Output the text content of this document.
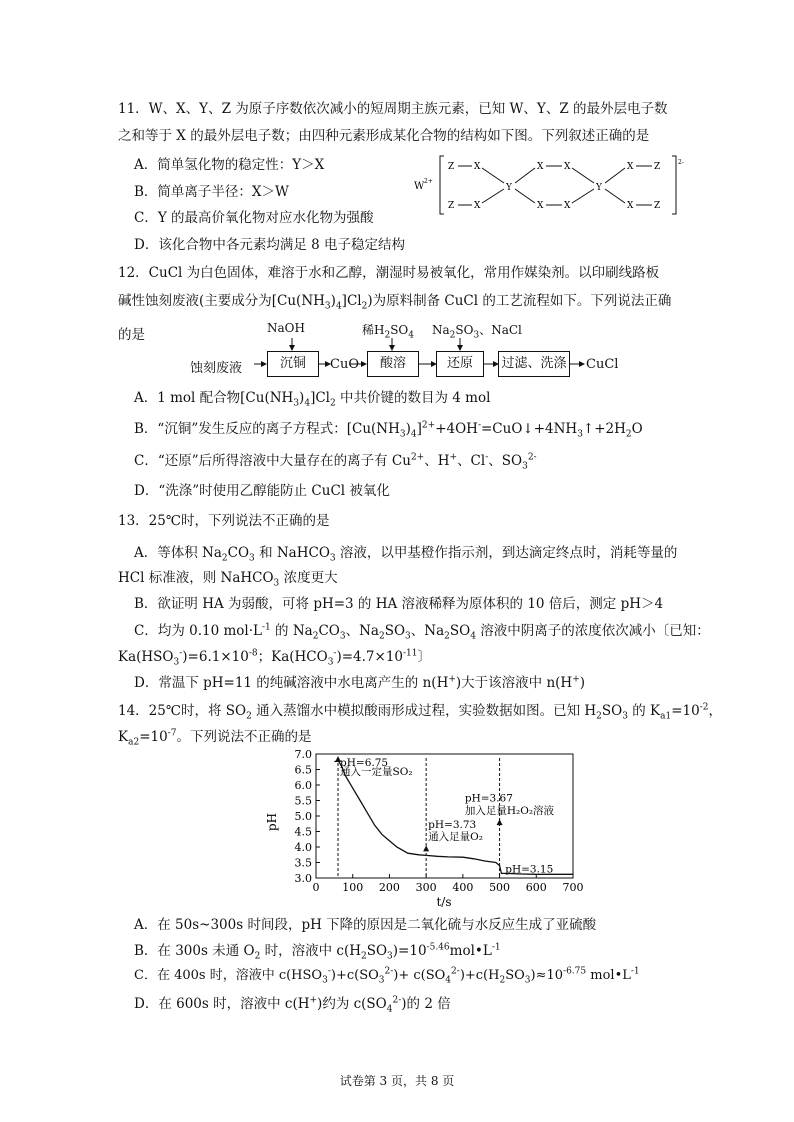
11．W、X、Y、Z 为原子序数依次减小的短周期主族元素，已知 W、Y、Z 的最外层电子数
之和等于 X 的最外层电子数；由四种元素形成某化合物的结构如下图。下列叙述正确的是
A．简单氢化物的稳定性：Y＞X
B．简单离子半径：X＞W
C．Y 的最高价氧化物对应水化物为强酸
D．该化合物中各元素均满足 8 电子稳定结构
W 2+
2-
Z X
Z X
Y
X X
X X
Y
X Z
X Z
12．CuCl 为白色固体，难溶于水和乙醇，潮湿时易被氧化，常用作媒染剂。以印刷线路板
碱性蚀刻废液(主要成分为$[Cu(NH_3)_4]Cl_2$)为原料制备 CuCl 的工艺流程如下。下列说法正确
的是	NaOH	稀$H_2SO_4$ $Na_2SO_3$、NaCl
蚀刻废液	沉铜	CuO	酸溶	还原	过滤、洗涤 CuCl
A．1 mol 配合物$[Cu(NH_3)_4]Cl_2$ 中共价键的数目为 4 mol
B．“沉铜”发生反应的离子方程式：$[Cu(NH_3)_4]^{2+}+4OH^-=CuO↓+4NH_3↑+2H_2O$
C．“还原”后所得溶液中大量存在的离子有 $Cu^{2+}$、H+、Cl-、$SO_3^{2-}$
D．“洗涤”时使用乙醇能防止 CuCl 被氧化
13．25℃时，下列说法不正确的是
A．等体积 $Na_2CO_3$ 和 NaHCO$_3$ 溶液，以甲基橙作指示剂，到达滴定终点时，消耗等量的
HCl 标准液，则 NaHCO$_3$ 浓度更大
B．欲证明 HA 为弱酸，可将 pH=3 的 HA 溶液稀释为原体积的 10 倍后，测定 pH＞4
C．均为 0.10 $mol\cdot L^{-1}$ 的 $Na_2CO_3$、$Na_2SO_3$、$Na_2SO_4$ 溶液中阴离子的浓度依次减小〔已知：
$Ka(HSO_3^-)=6.1\times 10^{-8}$；$Ka(HCO_3^-)=4.7\times 10^{-11}$〕
D．常温下 pH=11 的纯碱溶液中水电离产生的 n(H+)大于该溶液中 n(H+)
14．25℃时，将 $SO_2$ 通入蒸馏水中模拟酸雨形成过程，实验数据如图。已知 $H_2SO_3$ 的 $K_{a1}=10^{-2}$，
$K_{a2}=10^{-7}$。下列说法不正确的是
3.0
3.5
4.0
4.5
5.0
5.5
6.0
6.5
7.0
0 100 200 300 400 500 600 700
pH=6.75
通入一定量SO₂
pH=3.67
加入足量H₂O₂溶液
pH=3.73
通入足量O₂
pH=3.15
pH
t/s
A．在 50s~300s 时间段，pH 下降的原因是二氧化硫与水反应生成了亚硫酸
B．在 300s 未通 $O_2$ 时，溶液中 $c(H_2SO_3)=10^{-5.46}mol•L^{-1}$
C．在 400s 时，溶液中 $c(HSO_3^-)+c(SO_3^{2-})+ c(SO_4^{2-})+c(H_2SO_3)\approx 10^{-6.75}$ $mol•L^{-1}$
D．在 600s 时，溶液中 c(H+)约为 $c(SO_4^{2-})$的 2 倍
试卷第 3 页，共 8 页
